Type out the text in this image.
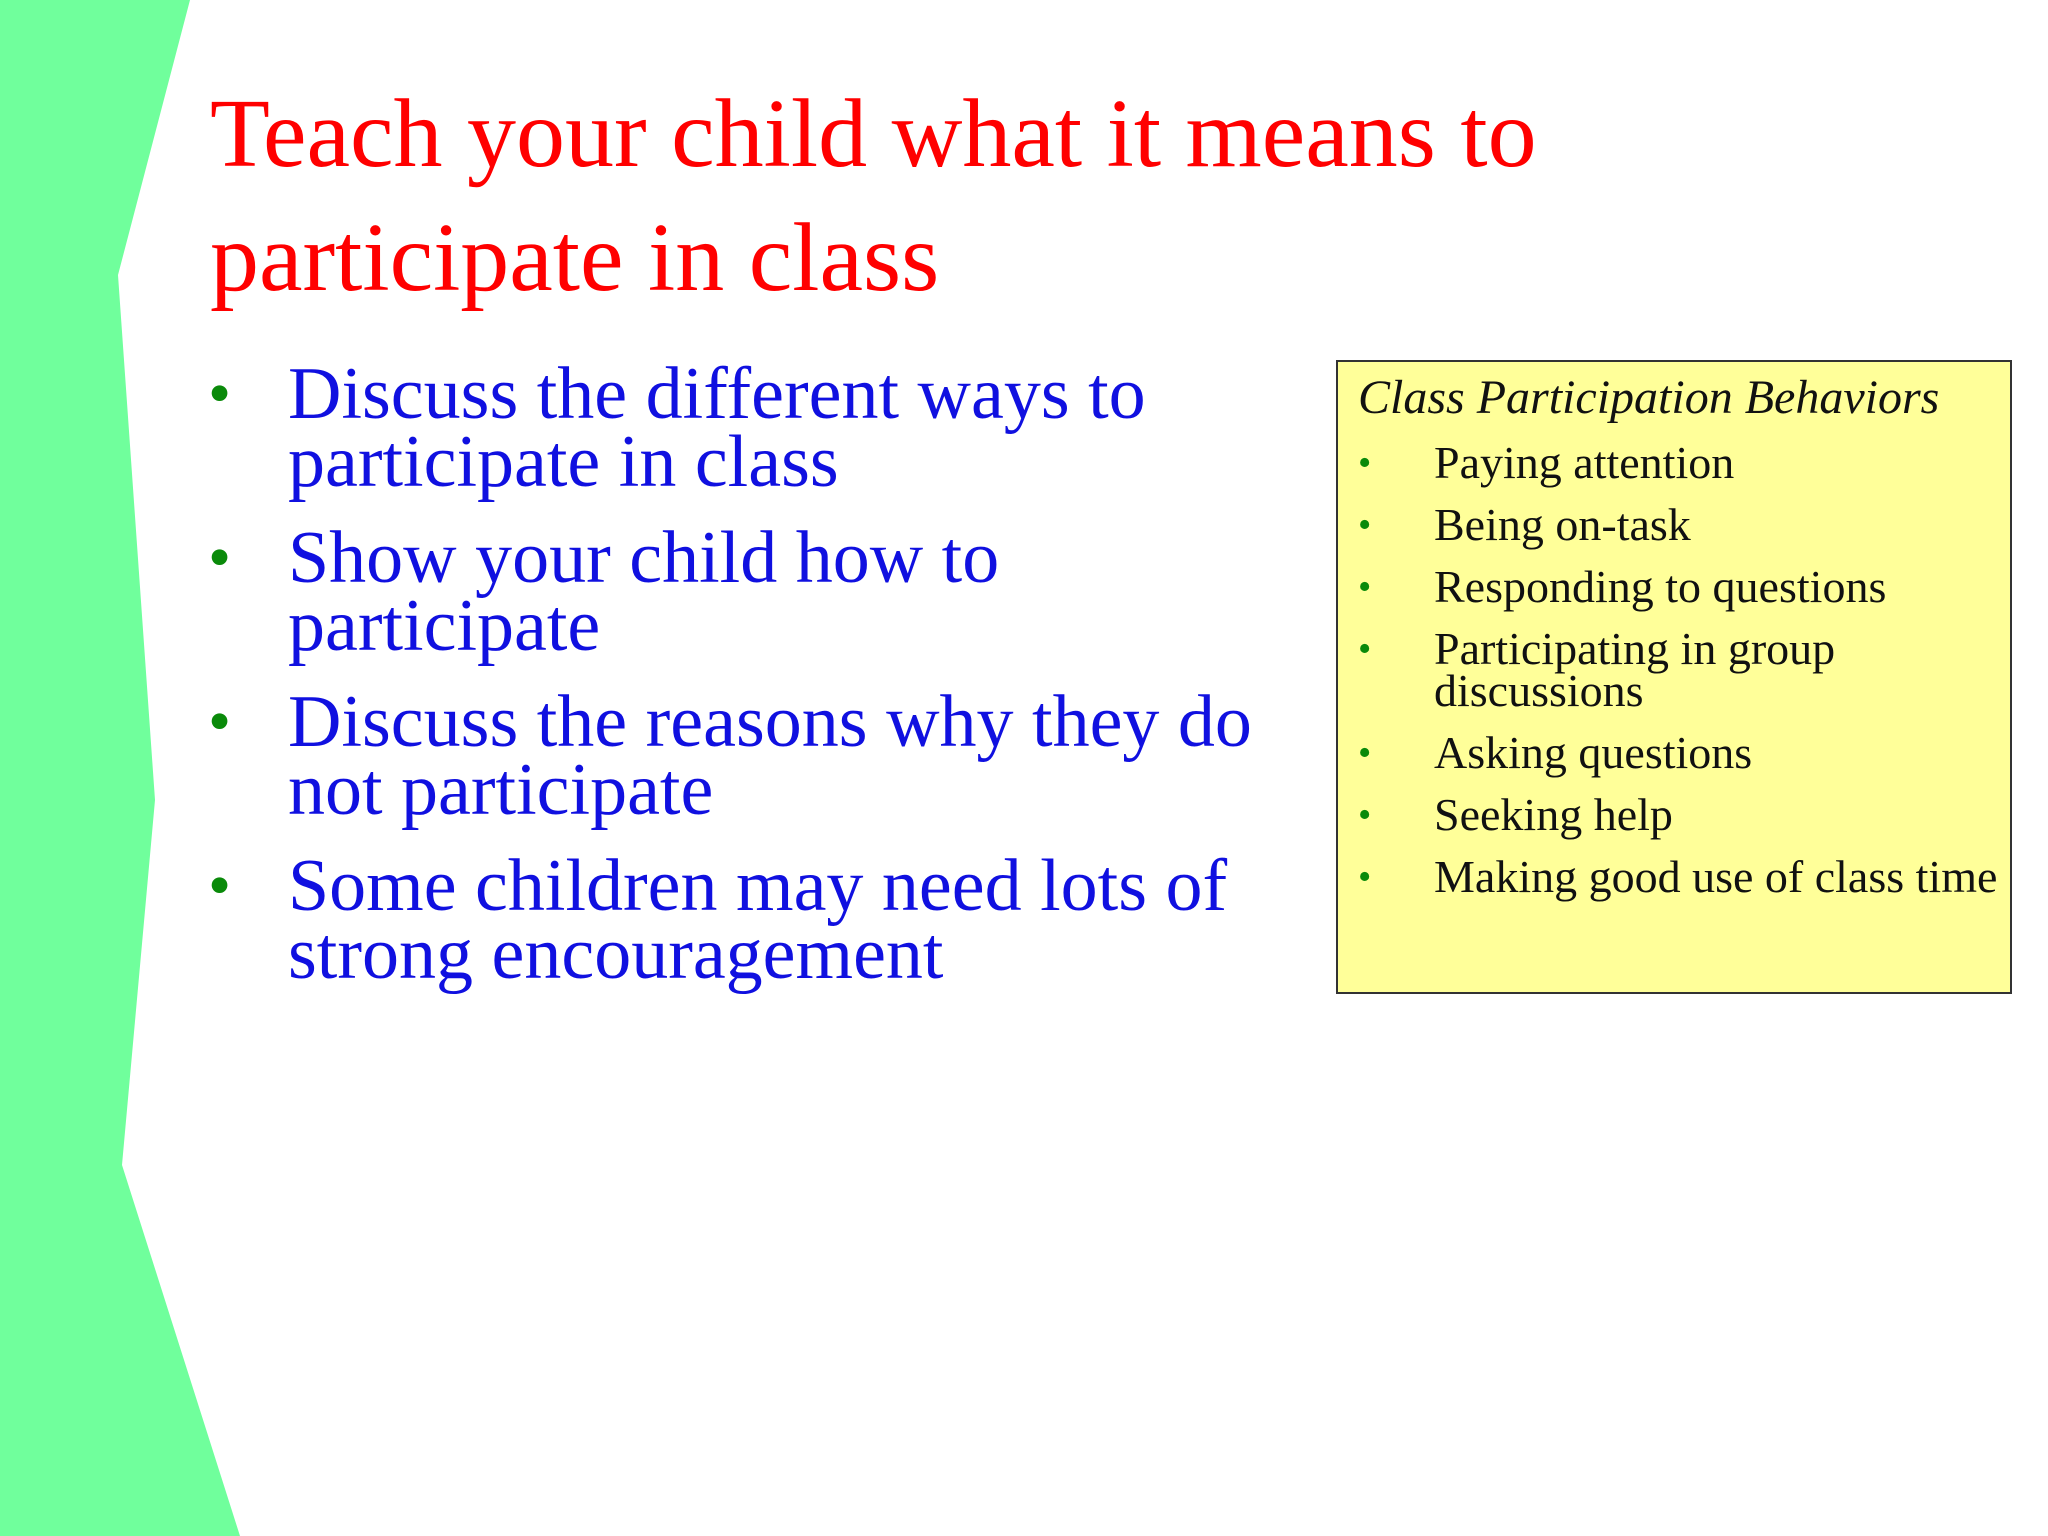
Teach your child what it means to participate in class
• Discuss the different ways to participate in class
• Show your child how to participate
• Discuss the reasons why they do not participate
• Some children may need lots of strong encouragement

Class Participation Behaviors

• Paying attention
• Being on-task
• Responding to questions
• Participating in group discussions
• Asking questions
• Seeking help
• Making good use of class time
